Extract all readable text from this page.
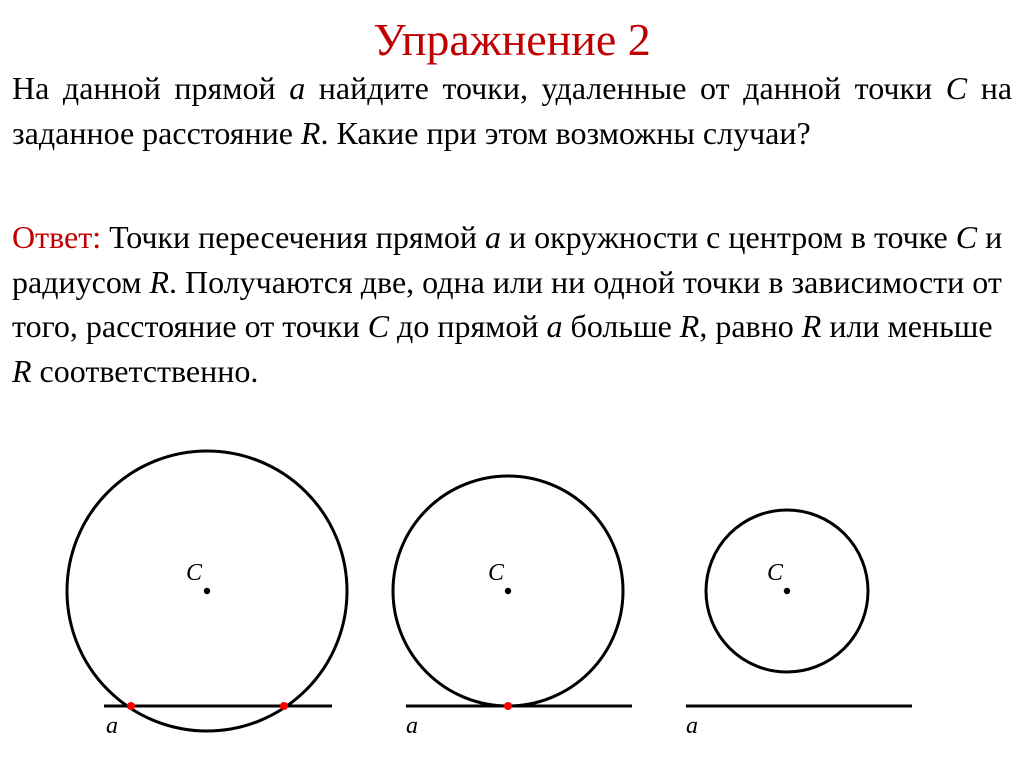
Упражнение 2
На данной прямой a найдите точки, удаленные от данной точки C на заданное расстояние R. Какие при этом возможны случаи?
Ответ: Точки пересечения прямой a и окружности с центром в точке C и радиусом R. Получаются две, одна или ни одной точки в зависимости от того, расстояние от точки C до прямой a больше R, равно R или меньше R соответственно.
C
a
C
a
C
a
